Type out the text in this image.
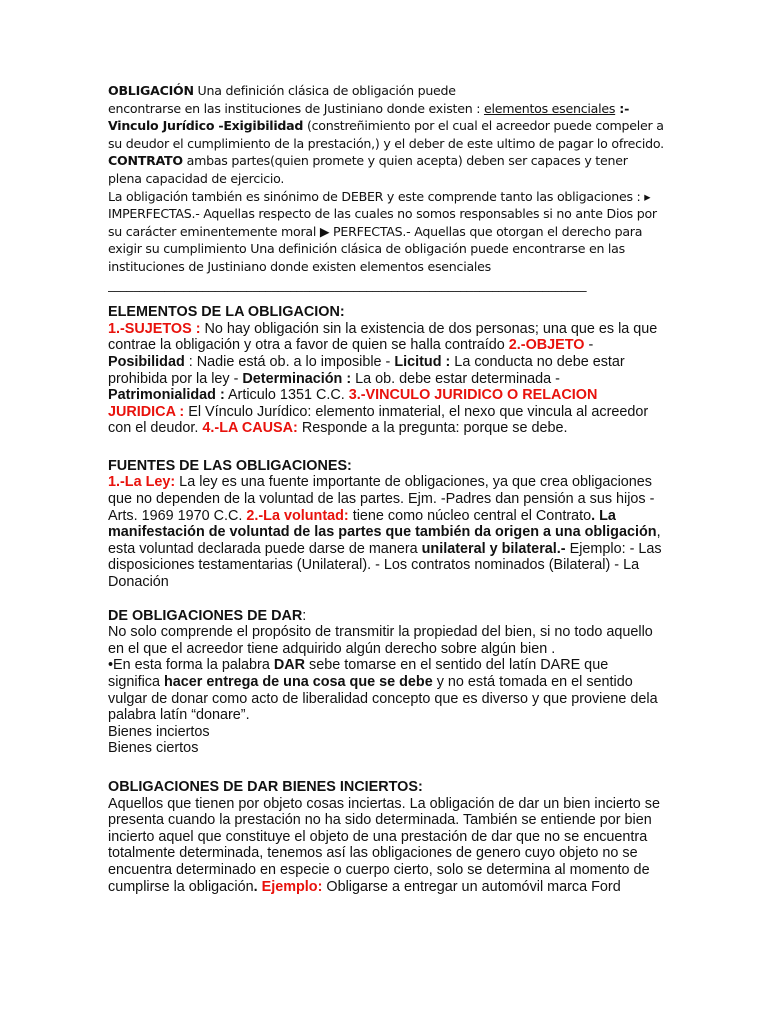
OBLIGACIÓN Una definición clásica de obligación puede
encontrarse en las instituciones de Justiniano donde existen : elementos esenciales :- Vinculo Jurídico -Exigibilidad (constreñimiento por el cual el acreedor puede compeler a su deudor el cumplimiento de la prestación,) y el deber de este ultimo de pagar lo ofrecido. CONTRATO ambas partes(quien promete y quien acepta) deben ser capaces y tener plena capacidad de ejercicio.
La obligación también es sinónimo de DEBER y este comprende tanto las obligaciones : ▸ IMPERFECTAS.- Aquellas respecto de las cuales no somos responsables si no ante Dios por su carácter eminentemente moral ▶ PERFECTAS.- Aquellas que otorgan el derecho para exigir su cumplimiento Una definición clásica de obligación puede encontrarse en las instituciones de Justiniano donde existen elementos esenciales

____________________________________________________________________________

ELEMENTOS DE LA OBLIGACION:

1.-SUJETOS : No hay obligación sin la existencia de dos personas; una que es la que contrae la obligación y otra a favor de quien se halla contraído 2.-OBJETO - Posibilidad : Nadie está ob. a lo imposible - Licitud : La conducta no debe estar prohibida por la ley - Determinación : La ob. debe estar determinada - Patrimonialidad : Articulo 1351 C.C. 3.-VINCULO JURIDICO O RELACION JURIDICA : El Vínculo Jurídico: elemento inmaterial, el nexo que vincula al acreedor con el deudor. 4.-LA CAUSA: Responde a la pregunta: porque se debe.

FUENTES DE LAS OBLIGACIONES:

1.-La Ley: La ley es una fuente importante de obligaciones, ya que crea obligaciones que no dependen de la voluntad de las partes. Ejm. -Padres dan pensión a sus hijos - Arts. 1969 1970 C.C. 2.-La voluntad: tiene como núcleo central el Contrato. La manifestación de voluntad de las partes que también da origen a una obligación, esta voluntad declarada puede darse de manera unilateral y bilateral.- Ejemplo: - Las disposiciones testamentarias (Unilateral). - Los contratos nominados (Bilateral) - La Donación

DE OBLIGACIONES DE DAR:

No solo comprende el propósito de transmitir la propiedad del bien, si no todo aquello en el que el acreedor tiene adquirido algún derecho sobre algún bien .

•En esta forma la palabra DAR sebe tomarse en el sentido del latín DARE que significa hacer entrega de una cosa que se debe y no está tomada en el sentido vulgar de donar como acto de liberalidad concepto que es diverso y que proviene dela palabra latín “donare”.

Bienes inciertos

Bienes ciertos

OBLIGACIONES DE DAR BIENES INCIERTOS:

Aquellos que tienen por objeto cosas inciertas. La obligación de dar un bien incierto se presenta cuando la prestación no ha sido determinada. También se entiende por bien incierto aquel que constituye el objeto de una prestación de dar que no se encuentra totalmente determinada, tenemos así las obligaciones de genero cuyo objeto no se encuentra determinado en especie o cuerpo cierto, solo se determina al momento de cumplirse la obligación. Ejemplo: Obligarse a entregar un automóvil marca Ford
